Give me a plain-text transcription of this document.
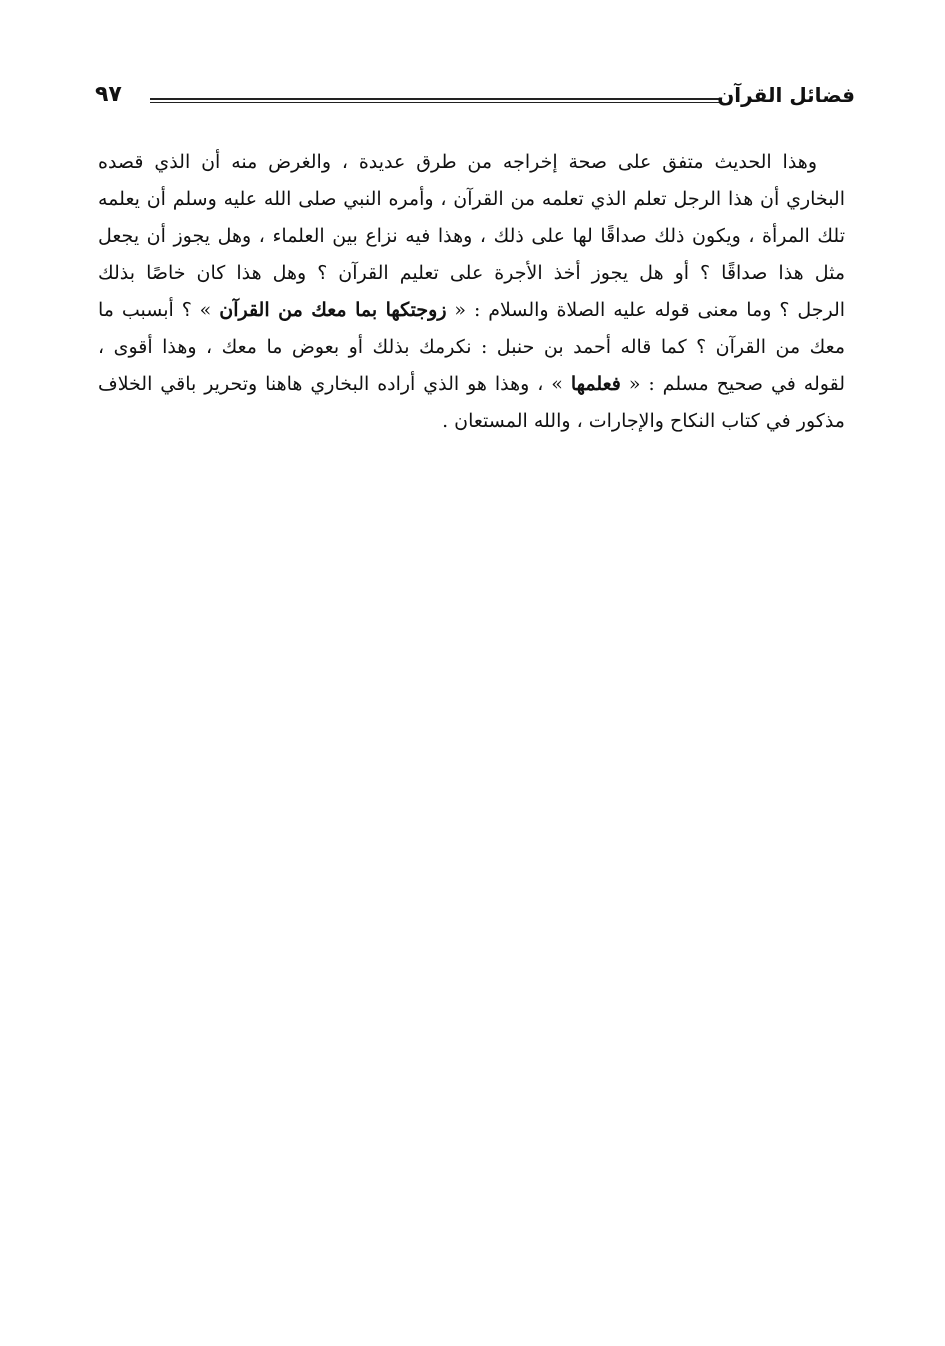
٩٧	فضائل القرآن
وهذا الحديث متفق على صحة إخراجه من طرق عديدة ، والغرض منه أن الذي قصده
البخاري أن هذا الرجل تعلم الذي تعلمه من القرآن ، وأمره النبي صلى الله عليه وسلم أن يعلمه
تلك المرأة ، ويكون ذلك صداقًا لها على ذلك ، وهذا فيه نزاع بين العلماء ، وهل يجوز أن يجعل
مثل هذا صداقًا ؟ أو هل يجوز أخذ الأجرة على تعليم القرآن ؟ وهل هذا كان خاصًا بذلك
الرجل ؟ وما معنى قوله عليه الصلاة والسلام : « زوجتكها بما معك من القرآن » ؟ أبسبب ما
معك من القرآن ؟ كما قاله أحمد بن حنبل : نكرمك بذلك أو بعوض ما معك ، وهذا أقوى ،
لقوله في صحيح مسلم : « فعلمها » ، وهذا هو الذي أراده البخاري هاهنا وتحرير باقي الخلاف
مذكور في كتاب النكاح والإجارات ، والله المستعان .
